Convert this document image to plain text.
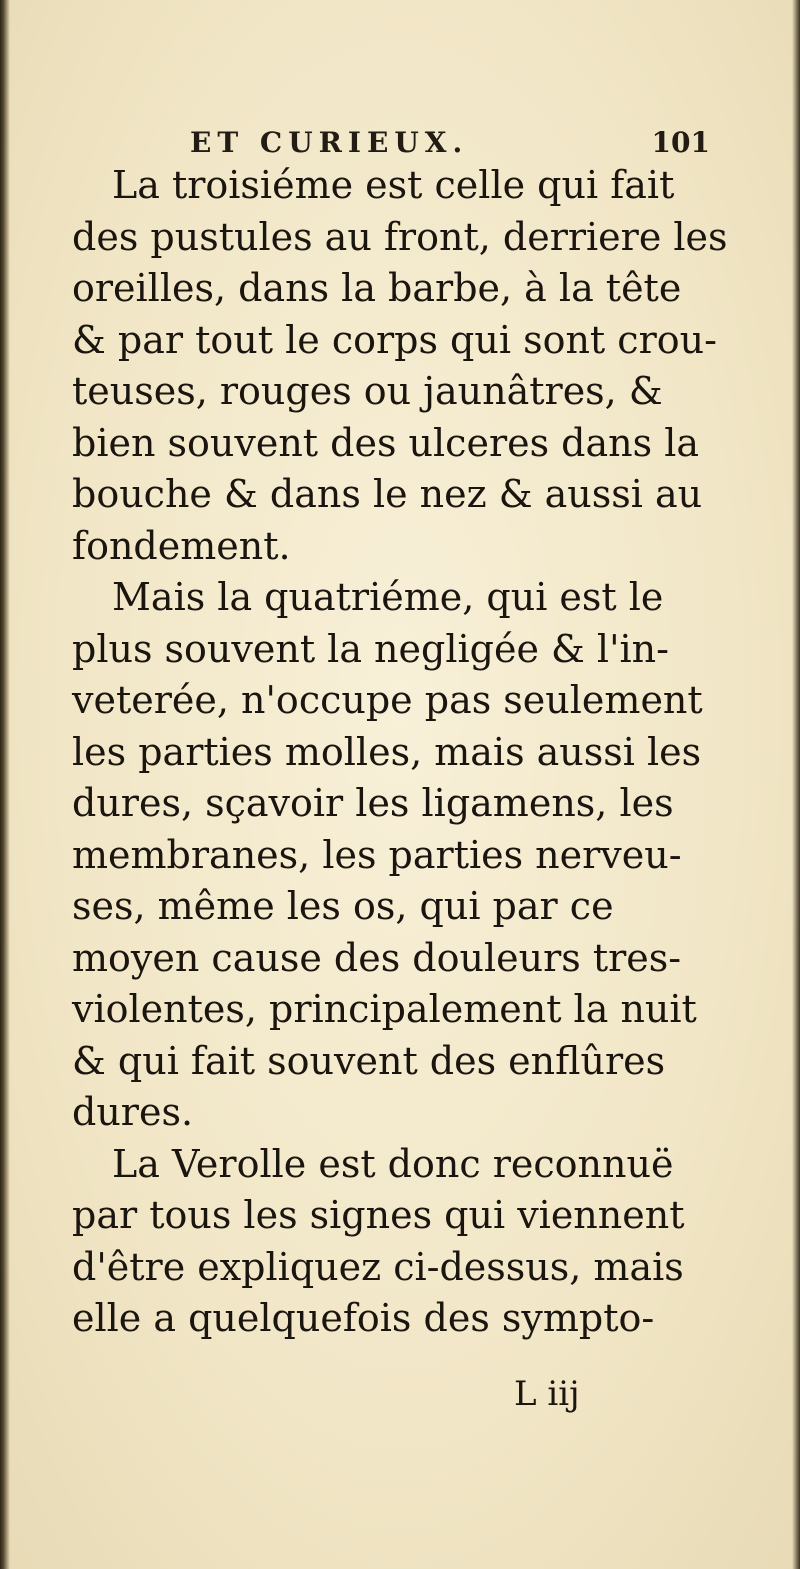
ET CURIEUX.	101
La troisiéme est celle qui fait
des pustules au front, derriere les
oreilles, dans la barbe, à la tête
& par tout le corps qui sont crou-
teuses, rouges ou jaunâtres, &
bien souvent des ulceres dans la
bouche & dans le nez & aussi au
fondement.
Mais la quatriéme, qui est le
plus souvent la negligée & l'in-
veterée, n'occupe pas seulement
les parties molles, mais aussi les
dures, sçavoir les ligamens, les
membranes, les parties nerveu-
ses, même les os, qui par ce
moyen cause des douleurs tres-
violentes, principalement la nuit
& qui fait souvent des enflûres
dures.
La Verolle est donc reconnuë
par tous les signes qui viennent
d'être expliquez ci-dessus, mais
elle a quelquefois des sympto-
L iij
